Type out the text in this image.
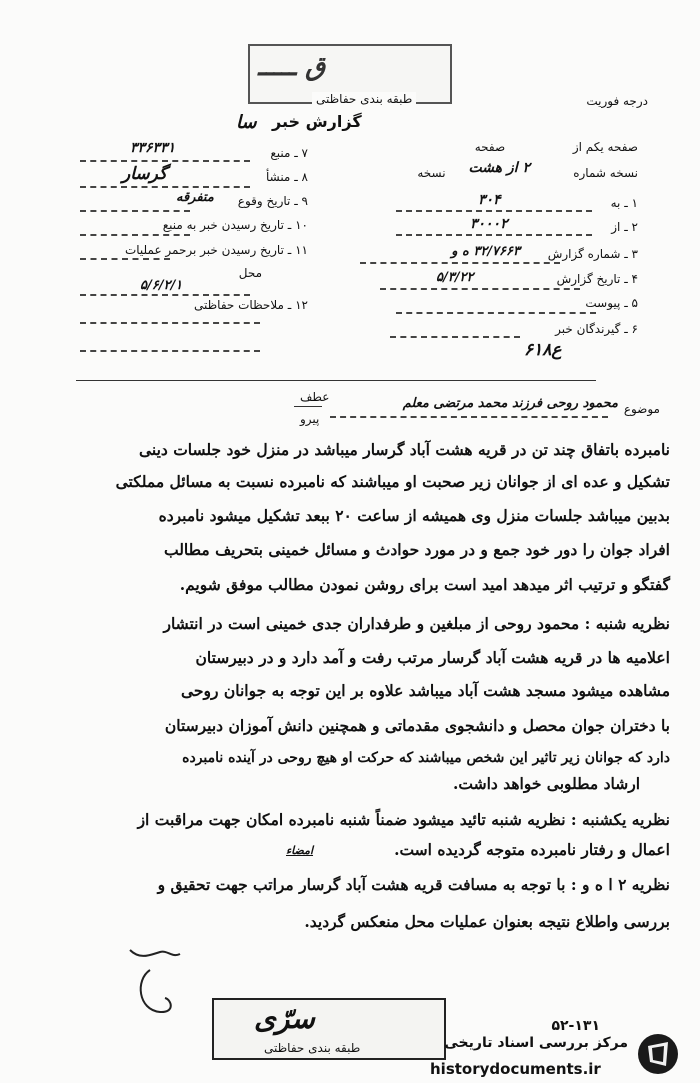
ق ـــــ
طبقه بندی حفاظتی	درجه فوریت
گزارش خبر
سا
۷ ـ منبع
۳۳۶۳۳۱
۸ ـ منشأ
گرسار
۹ ـ تاریخ وقوع
متفرقه
۱۰ ـ تاریخ رسیدن خبر به منبع
۱۱ ـ تاریخ رسیدن خبر برحمر عملیات
محل
۵/۶/۲/۱
۱۲ ـ ملاحظات حفاظتی
صفحه یکم از  صفحه
نسخه شماره  نسخه	۲ از هشت
۱ ـ به
۳۰۴
۲ ـ از
۳۰۰۰۲
۳ ـ شماره گزارش
۳۲/۷۶۶۳ ه و
۴ ـ تاریخ گزارش
۵/۳/۲۲
۵ ـ پیوست
۶ ـ گیرندگان خبر
۶۱۸ع
موضوع
عطف
پیرو
محمود روحی فرزند محمد مرتضی معلم
نامبرده باتفاق چند تن در قریه هشت آباد گرسار میباشد در منزل خود جلسات دینی
تشکیل و عده ای از جوانان زیر صحبت او میباشند که نامبرده نسبت به مسائل مملکتی
بدبین میباشد جلسات منزل وی همیشه از ساعت ۲۰ ببعد تشکیل میشود نامبرده
افراد جوان را دور خود جمع و در مورد حوادث و مسائل خمینی بتحریف مطالب
گفتگو و ترتیب اثر میدهد امید است برای روشن نمودن مطالب موفق شویم.
نظریه شنبه : محمود روحی از مبلغین و طرفداران جدی خمینی است در انتشار
اعلامیه ها در قریه هشت آباد گرسار مرتب رفت و آمد دارد و در دبیرستان
مشاهده میشود مسجد هشت آباد میباشد علاوه بر این توجه به جوانان روحی
با دختران جوان محصل و دانشجوی مقدماتی و همچنین دانش آموزان دبیرستان
دارد که جوانان زیر تاثیر این شخص میباشند که حرکت او هیچ روحی در آینده نامبرده
ارشاد مطلوبی خواهد داشت.
نظریه یکشنبه : نظریه شنبه تائید میشود ضمناً شنبه نامبرده امکان جهت مراقبت از
اعمال و رفتار نامبرده متوجه گردیده است.
نظریه ۲ ا ه و : با توجه به مسافت قریه هشت آباد گرسار مراتب جهت تحقیق و
بررسی واطلاع نتیجه بعنوان عملیات محل منعکس گردید.
امضاء
سرّی
طبقه بندی حفاظتی
۵۲-۱۳۱
مرکز بررسی اسناد تاریخی
historydocuments.ir
